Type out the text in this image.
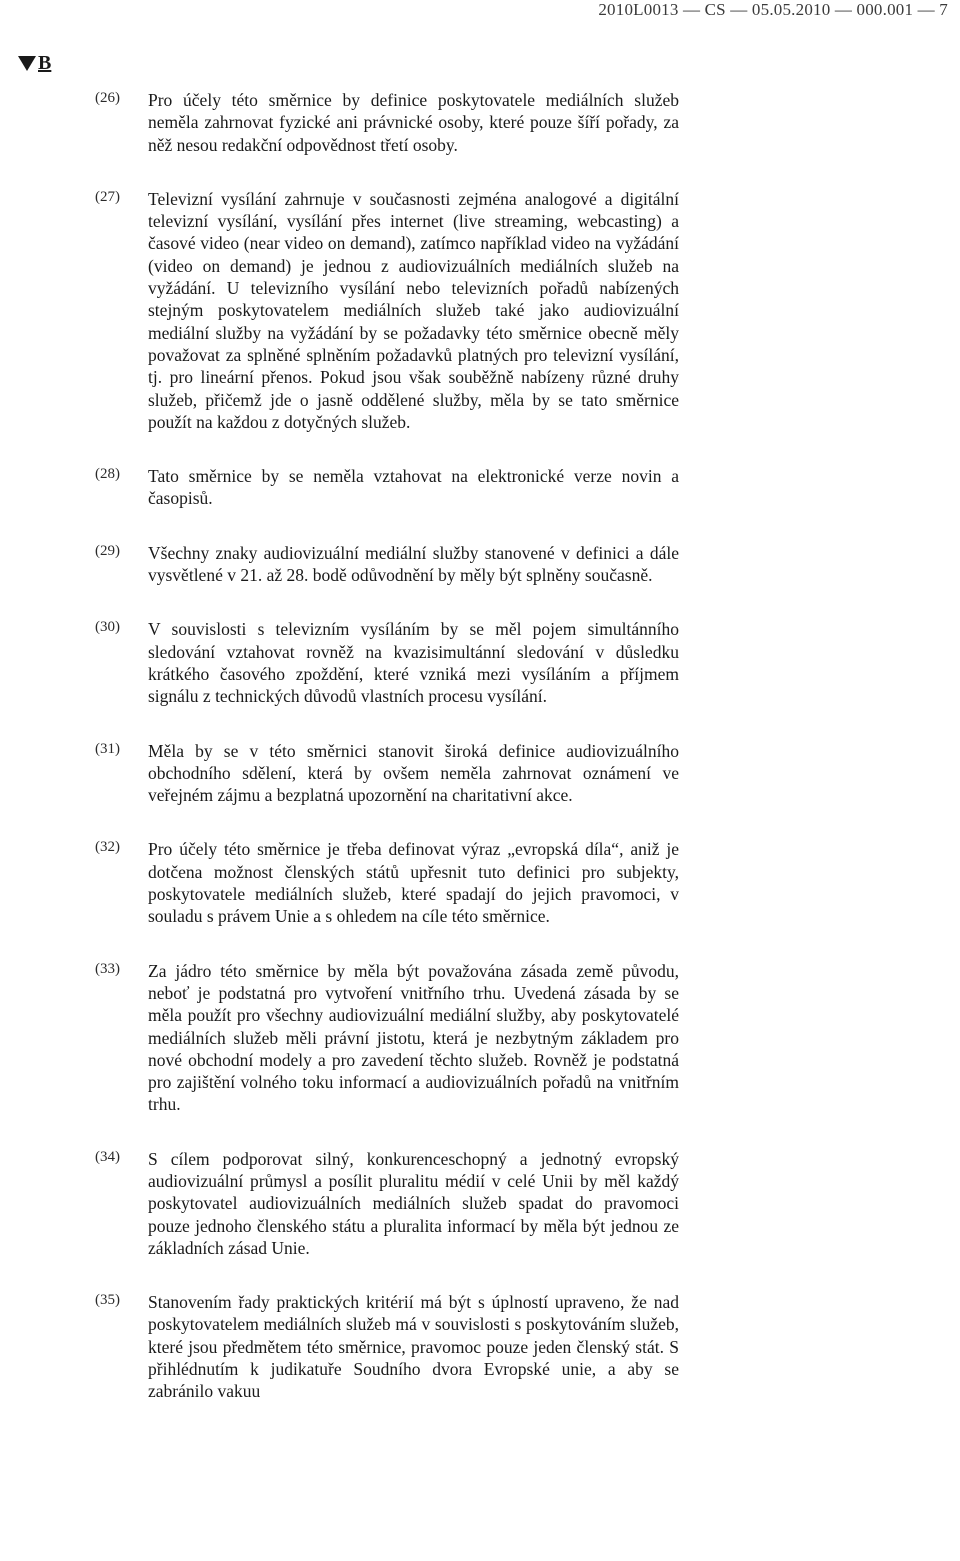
2010L0013 — CS — 05.05.2010 — 000.001 — 7
B
(26) Pro účely této směrnice by definice poskytovatele mediálních služeb neměla zahrnovat fyzické ani právnické osoby, které pouze šíří pořady, za něž nesou redakční odpovědnost třetí osoby.
(27) Televizní vysílání zahrnuje v současnosti zejména analogové a digitální televizní vysílání, vysílání přes internet (live streaming, webcasting) a časové video (near video on demand), zatímco například video na vyžádání (video on demand) je jednou z audiovizuálních mediálních služeb na vyžádání. U televizního vysílání nebo televizních pořadů nabízených stejným poskytovatelem mediálních služeb také jako audiovizuální mediální služby na vyžádání by se požadavky této směrnice obecně měly považovat za splněné splněním požadavků platných pro televizní vysílání, tj. pro lineární přenos. Pokud jsou však souběžně nabízeny různé druhy služeb, přičemž jde o jasně oddělené služby, měla by se tato směrnice použít na každou z dotyčných služeb.
(28) Tato směrnice by se neměla vztahovat na elektronické verze novin a časopisů.
(29) Všechny znaky audiovizuální mediální služby stanovené v definici a dále vysvětlené v 21. až 28. bodě odůvodnění by měly být splněny současně.
(30) V souvislosti s televizním vysíláním by se měl pojem simultánního sledování vztahovat rovněž na kvazisimultánní sledování v důsledku krátkého časového zpoždění, které vzniká mezi vysíláním a příjmem signálu z technických důvodů vlastních procesu vysílání.
(31) Měla by se v této směrnici stanovit široká definice audiovizuálního obchodního sdělení, která by ovšem neměla zahrnovat oznámení ve veřejném zájmu a bezplatná upozornění na charitativní akce.
(32) Pro účely této směrnice je třeba definovat výraz „evropská díla“, aniž je dotčena možnost členských států upřesnit tuto definici pro subjekty, poskytovatele mediálních služeb, které spadají do jejich pravomoci, v souladu s právem Unie a s ohledem na cíle této směrnice.
(33) Za jádro této směrnice by měla být považována zásada země původu, neboť je podstatná pro vytvoření vnitřního trhu. Uvedená zásada by se měla použít pro všechny audiovizuální mediální služby, aby poskytovatelé mediálních služeb měli právní jistotu, která je nezbytným základem pro nové obchodní modely a pro zavedení těchto služeb. Rovněž je podstatná pro zajištění volného toku informací a audiovizuálních pořadů na vnitřním trhu.
(34) S cílem podporovat silný, konkurenceschopný a jednotný evropský audiovizuální průmysl a posílit pluralitu médií v celé Unii by měl každý poskytovatel audiovizuálních mediálních služeb spadat do pravomoci pouze jednoho členského státu a pluralita informací by měla být jednou ze základních zásad Unie.
(35) Stanovením řady praktických kritérií má být s úplností upraveno, že nad poskytovatelem mediálních služeb má v souvislosti s poskytováním služeb, které jsou předmětem této směrnice, pravomoc pouze jeden členský stát. S přihlédnutím k judikatuře Soudního dvora Evropské unie, a aby se zabránilo vakuu
